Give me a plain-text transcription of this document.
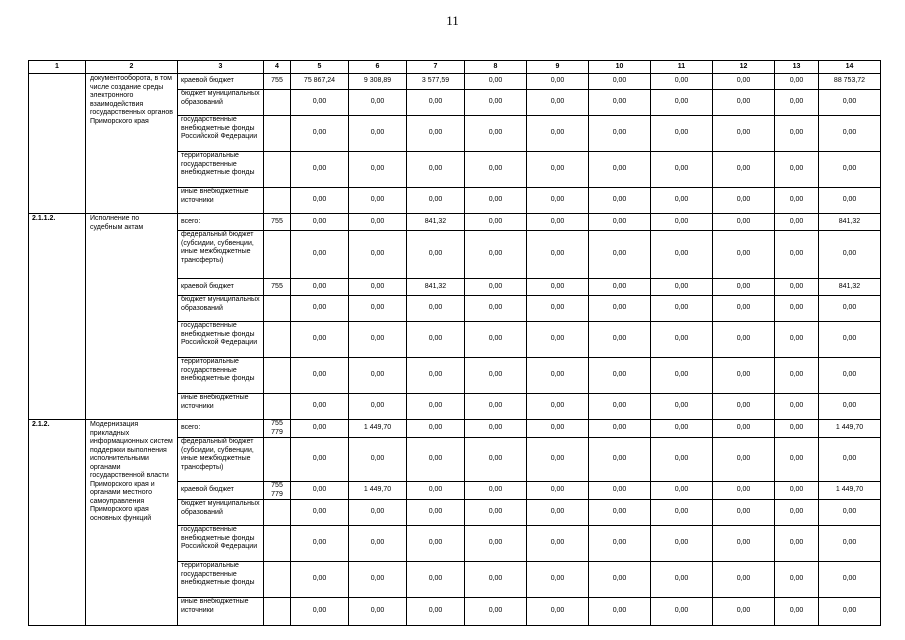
11
1	2	3	4	5	6	7	8	9	10	11	12	13	14
	документооборота, в том числе создание среды электронного взаимодействия государственных органов Приморского края	краевой бюджет	755	75 867,24	9 308,89	3 577,59	0,00	0,00	0,00	0,00	0,00	0,00	88 753,72
		бюджет муниципальных образований		0,00	0,00	0,00	0,00	0,00	0,00	0,00	0,00	0,00	0,00
		государственные внебюджетные фонды Российской Федерации		0,00	0,00	0,00	0,00	0,00	0,00	0,00	0,00	0,00	0,00
		территориальные государственные внебюджетные фонды		0,00	0,00	0,00	0,00	0,00	0,00	0,00	0,00	0,00	0,00
		иные внебюджетные источники		0,00	0,00	0,00	0,00	0,00	0,00	0,00	0,00	0,00	0,00
2.1.1.2.	Исполнение по судебным актам	всего:	755	0,00	0,00	841,32	0,00	0,00	0,00	0,00	0,00	0,00	841,32
		федеральный бюджет (субсидии, субвенции, иные межбюджетные трансферты)		0,00	0,00	0,00	0,00	0,00	0,00	0,00	0,00	0,00	0,00
		краевой бюджет	755	0,00	0,00	841,32	0,00	0,00	0,00	0,00	0,00	0,00	841,32
		бюджет муниципальных образований		0,00	0,00	0,00	0,00	0,00	0,00	0,00	0,00	0,00	0,00
		государственные внебюджетные фонды Российской Федерации		0,00	0,00	0,00	0,00	0,00	0,00	0,00	0,00	0,00	0,00
		территориальные государственные внебюджетные фонды		0,00	0,00	0,00	0,00	0,00	0,00	0,00	0,00	0,00	0,00
		иные внебюджетные источники		0,00	0,00	0,00	0,00	0,00	0,00	0,00	0,00	0,00	0,00
2.1.2.	Модернизация прикладных информационных систем поддержки выполнения исполнительными органами государственной власти Приморского края и органами местного самоуправления Приморского края основных функций	всего:	755 779	0,00	1 449,70	0,00	0,00	0,00	0,00	0,00	0,00	0,00	1 449,70
		федеральный бюджет (субсидии, субвенции, иные межбюджетные трансферты)		0,00	0,00	0,00	0,00	0,00	0,00	0,00	0,00	0,00	0,00
		краевой бюджет	755 779	0,00	1 449,70	0,00	0,00	0,00	0,00	0,00	0,00	0,00	1 449,70
		бюджет муниципальных образований		0,00	0,00	0,00	0,00	0,00	0,00	0,00	0,00	0,00	0,00
		государственные внебюджетные фонды Российской Федерации		0,00	0,00	0,00	0,00	0,00	0,00	0,00	0,00	0,00	0,00
		территориальные государственные внебюджетные фонды		0,00	0,00	0,00	0,00	0,00	0,00	0,00	0,00	0,00	0,00
		иные внебюджетные источники		0,00	0,00	0,00	0,00	0,00	0,00	0,00	0,00	0,00	0,00
